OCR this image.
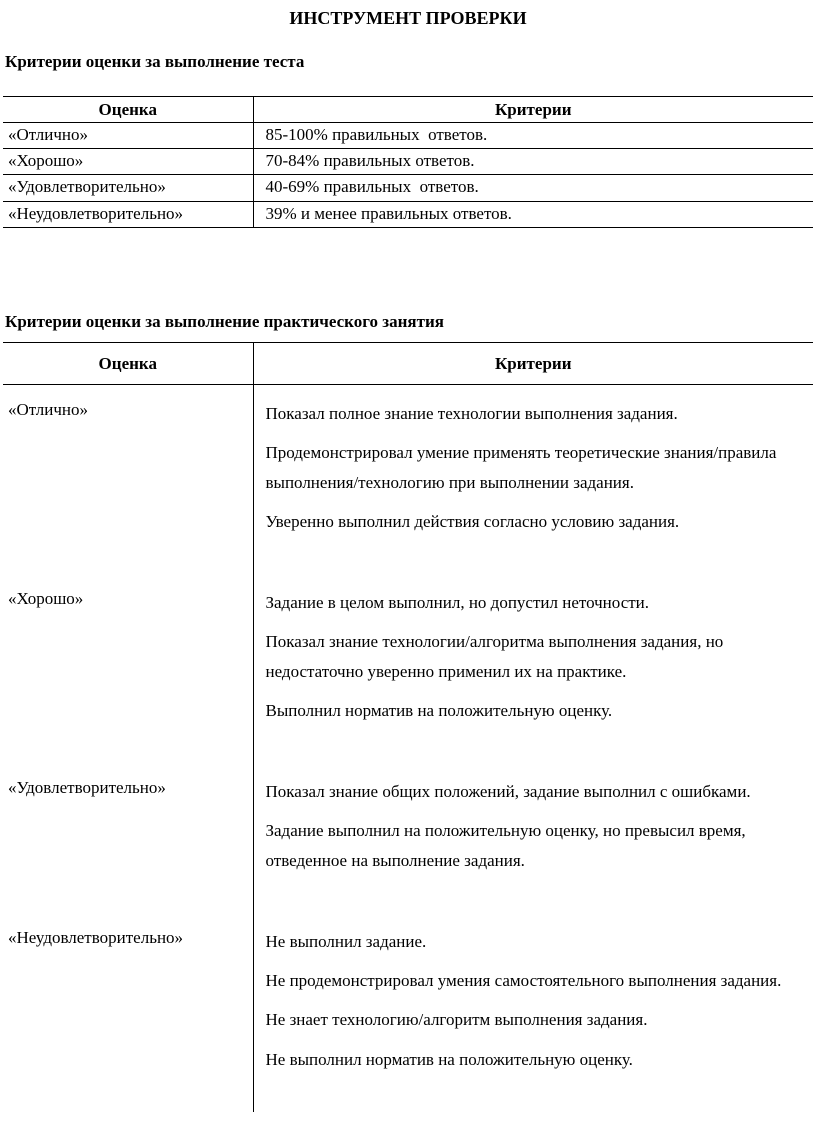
ИНСТРУМЕНТ ПРОВЕРКИ
Критерии оценки за выполнение теста
Оценка	Критерии
«Отлично»	85-100% правильных  ответов.
«Хорошо»	70-84% правильных ответов.
«Удовлетворительно»	40-69% правильных  ответов.
«Неудовлетворительно»	39% и менее правильных ответов.
Критерии оценки за выполнение практического занятия
Оценка	Критерии
«Отлично»	Показал полное знание технологии выполнения задания.

Продемонстрировал умение применять теоретические знания/правила выполнения/технологию при выполнении задания.

Уверенно выполнил действия согласно условию задания.

«Хорошо»	Задание в целом выполнил, но допустил неточности.

Показал знание технологии/алгоритма выполнения задания, но недостаточно уверенно применил их на практике.

Выполнил норматив на положительную оценку.

«Удовлетворительно»	Показал знание общих положений, задание выполнил с ошибками.

Задание выполнил на положительную оценку, но превысил время, отведенное на выполнение задания.

«Неудовлетворительно»	Не выполнил задание.

Не продемонстрировал умения самостоятельного выполнения задания.

Не знает технологию/алгоритм выполнения задания.

Не выполнил норматив на положительную оценку.
